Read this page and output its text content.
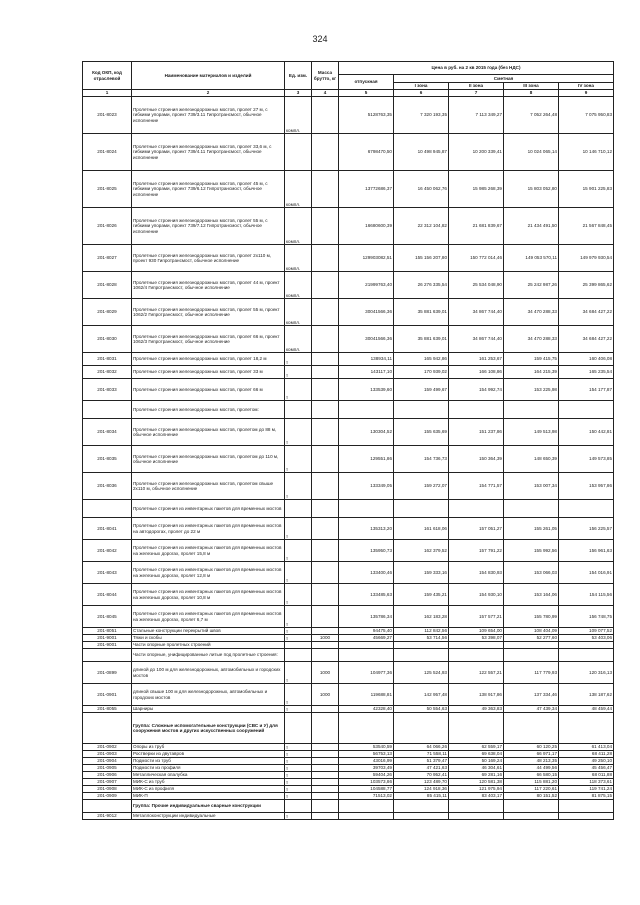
324
Код ОКП, код отраслевой	Наименование материалов и изделий	Ед. изм.	Масса брутто, кг	Цена в руб. на 2 кв 2015 года (без НДС)				
				отпускная	Сметная			
					I зона	II зона	III зона	IV зона
1	2	3	4	5	6	7	8	9
201-8023	Пролетные строения железнодорожных мостов, пролет 27 м, с гибкими упорами, проект 739/3.11 Гипротрансмост, обычное исполнение	компл.		5128763,35	7 320 193,35	7 113 349,27	7 052 264,48	7 075 950,83
201-8024	Пролетные строения железнодорожных мостов, пролет 33,6 м, с гибкими упорами, проект 739/4.11 Гипротрансмост, обычное исполнение			6798470,50	10 498 945,87	10 200 339,41	10 024 065,14	10 146 710,12
201-8025	Пролетные строения железнодорожных мостов, пролет 45 м, с гибкими упорами, проект 739/6.12 Гипротрансмост, обычное исполнение	компл.		13772686,37	16 450 062,76	15 985 268,39	15 803 052,80	15 901 225,83
201-8026	Пролетные строения железнодорожных мостов, пролет 55 м, с гибкими упорами, проект 739/7.12 Гипротрансмост, обычное исполнение	компл.		16680600,39	22 312 104,82	21 681 839,67	21 434 491,50	21 567 848,45
201-8027	Пролетные строения железнодорожных мостов, пролет 2х110 м, проект 930 Гипротрансмост, обычное исполнение	компл.		129903082,51	155 156 207,80	150 772 014,46	149 053 570,11	149 979 930,54
201-8028	Пролетные строения железнодорожных мостов, пролет 44 м, проект 1062/4 Гипротрансмост, обычное исполнение	компл.		21999763,40	26 276 335,54	25 534 048,90	25 242 987,26	25 399 865,62
201-8029	Пролетные строения железнодорожных мостов, пролет 55 м, проект 1062/2 Гипротрансмост, обычное исполнение	компл.		30041566,36	35 881 639,01	34 867 744,40	34 470 288,33	34 684 427,22
201-8030	Пролетные строения железнодорожных мостов, пролет 66 м, проект 1062/3 Гипротрансмост, обычное исполнение	компл.		30041566,36	35 881 639,01	34 867 744,40	34 470 288,33	34 684 427,22
201-8031	Пролетные строения железнодорожных мостов, пролет 18,2 м	т		138934,11	165 942,86	161 253,67	159 415,75	160 406,08
201-8032	Пролетные строения железнодорожных мостов, пролет 33 м	т		143117,10	170 939,02	166 108,86	164 215,39	165 235,54
201-8033	Пролетные строения железнодорожных мостов, пролет 66 м	т		133539,60	159 499,67	154 992,74	153 225,98	154 177,87
	Пролетные строения железнодорожных мостов, пролетом:							
201-8034	Пролетные строения железнодорожных мостов, пролетом до 88 м, обычное исполнение	т		130304,52	155 635,69	151 237,86	149 513,98	150 442,81
201-8035	Пролетные строения железнодорожных мостов, пролетом до 110 м, обычное исполнение	т		129551,86	154 736,73	150 364,39	148 650,39	149 573,85
201-8036	Пролетные строения железнодорожных мостов, пролетом свыше 2х110 м, обычное исполнение	т		133349,05	159 272,07	154 771,57	153 007,34	153 957,86
	Пролетные строения из инвентарных пакетов для временных мостов							
201-8041	Пролетные строения из инвентарных пакетов для временных мостов на автодорогах, пролет до 22 м	т		135313,20	161 618,06	157 051,27	155 261,05	156 225,57
201-8042	Пролетные строения из инвентарных пакетов для временных мостов на железных дорогах, пролет 15,8 м	т		135950,73	162 379,52	157 791,22	155 992,56	156 961,63
201-8043	Пролетные строения из инвентарных пакетов для временных мостов на железных дорогах, пролет 12,8 м	т		133400,46	159 333,16	154 830,93	153 066,03	154 016,91
201-8044	Пролетные строения из инвентарных пакетов для временных мостов на железных дорогах, пролет 10,8 м	т		133485,63	159 435,21	154 930,10	153 164,06	154 115,56
201-8045	Пролетные строения из инвентарных пакетов для временных мостов на железных дорогах, пролет 6,7 м	т		135786,34	162 183,28	157 577,21	155 780,99	156 748,75
201-8051	Стальные конструкции перекрытий швов	т		94475,40	112 842,56	109 654,00	108 404,09	109 077,52
201-9001	Тяжи и скобы	т	1000	45669,27	53 714,56	53 398,07	52 277,60	53 403,06
201-9001	Части опорные пролетных строений							
	Части опорные, унифицированные литые под пролетные строения:							
201-0899	длиной до 100 м для железнодорожных, автомобильных и городских мостов	т	1000	104977,36	125 524,93	122 557,21	117 779,93	120 316,13
201-0901	длиной свыше 100 м для железнодорожных, автомобильных и городских мостов	т	1000	119688,81	142 957,48	138 917,86	137 334,46	138 187,62
201-8055	Шарниры	т		42328,40	50 554,63	49 363,83	47 439,34	48 459,44
	Группа: Сложные испомогательные конструкции (СВС и У) для сооружения мостов и других искусственных сооружений							
201-0902	Опоры из труб	т		53540,59	64 066,26	62 559,17	60 120,25	61 413,04
201-0903	Ростверки из двутавров	т		56753,13	71 558,11	69 638,04	66 971,17	68 411,28
201-0904	Подмости из труб	т		43016,99	51 379,47	50 169,24	48 213,35	49 250,10
201-0905	Подмости из профиля	т		39703,49	47 421,63	46 304,61	44 499,56	45 456,47
201-0906	Металлическая опалубка	т		59404,26	70 952,41	69 281,16	66 580,15	68 011,88
201-0907	МИК-С из труб	т		103573,86	123 489,70	120 581,38	115 881,20	118 373,61
201-0908	МИК-С из профиля	т		104588,77	124 918,36	121 975,94	117 220,61	119 741,24
201-0909	МИК-П	т		71513,02	85 415,11	83 403,17	80 151,52	81 875,15
	Группа: Прочие индивидуальные сварные конструкции							
201-9012	Металлоконструкции индивидуальные	т						
